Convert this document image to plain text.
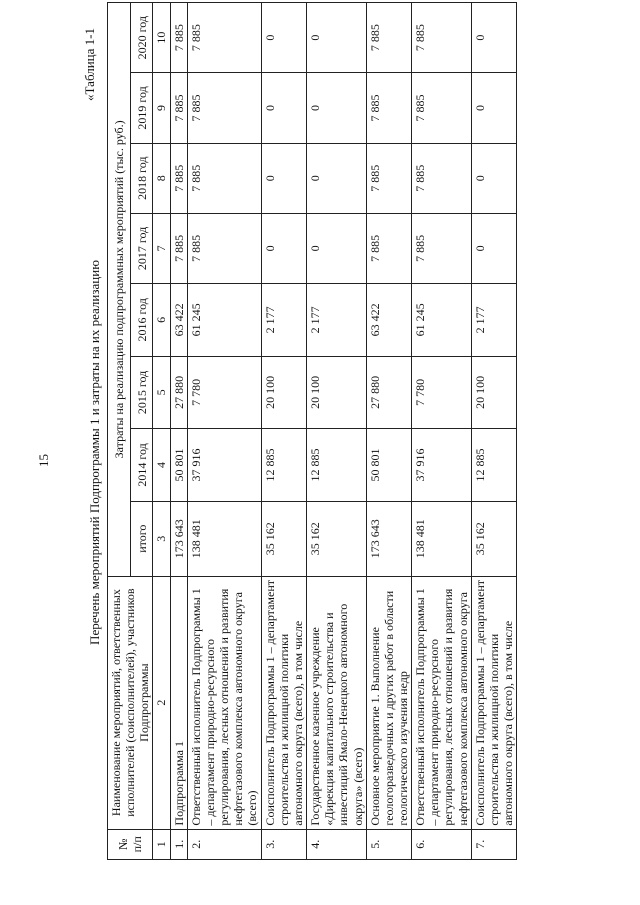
15
«Таблица 1-1
Перечень мероприятий Подпрограммы 1 и затраты на их реализацию
№ п/п	Наименование мероприятий, ответственных исполнителей (соисполнителей), участников Подпрограммы	Затраты на реализацию подпрограммных мероприятий (тыс. руб.)							
		итого	2014 год	2015 год	2016 год	2017 год	2018 год	2019 год	2020 год
1	2	3	4	5	6	7	8	9	10
1.	Подпрограмма 1	173 643	50 801	27 880	63 422	7 885	7 885	7 885	7 885
2.	Ответственный исполнитель Подпрограммы 1 – департамент природно-ресурсного регулирования, лесных отношений и развития нефтегазового комплекса автономного округа (всего)	138 481	37 916	7 780	61 245	7 885	7 885	7 885	7 885
3.	Соисполнитель Подпрограммы 1 – департамент строительства и жилищной политики автономного округа (всего), в том числе	35 162	12 885	20 100	2 177	0	0	0	0
4.	Государственное казенное учреждение «Дирекция капитального строительства и инвестиций Ямало-Ненецкого автономного округа» (всего)	35 162	12 885	20 100	2 177	0	0	0	0
5.	Основное мероприятие 1. Выполнение геологоразведочных и других работ в области геологического изучения недр	173 643	50 801	27 880	63 422	7 885	7 885	7 885	7 885
6.	Ответственный исполнитель Подпрограммы 1 – департамент природно-ресурсного регулирования, лесных отношений и развития нефтегазового комплекса автономного округа	138 481	37 916	7 780	61 245	7 885	7 885	7 885	7 885
7.	Соисполнитель Подпрограммы 1 – департамент строительства и жилищной политики автономного округа (всего), в том числе	35 162	12 885	20 100	2 177	0	0	0	0
